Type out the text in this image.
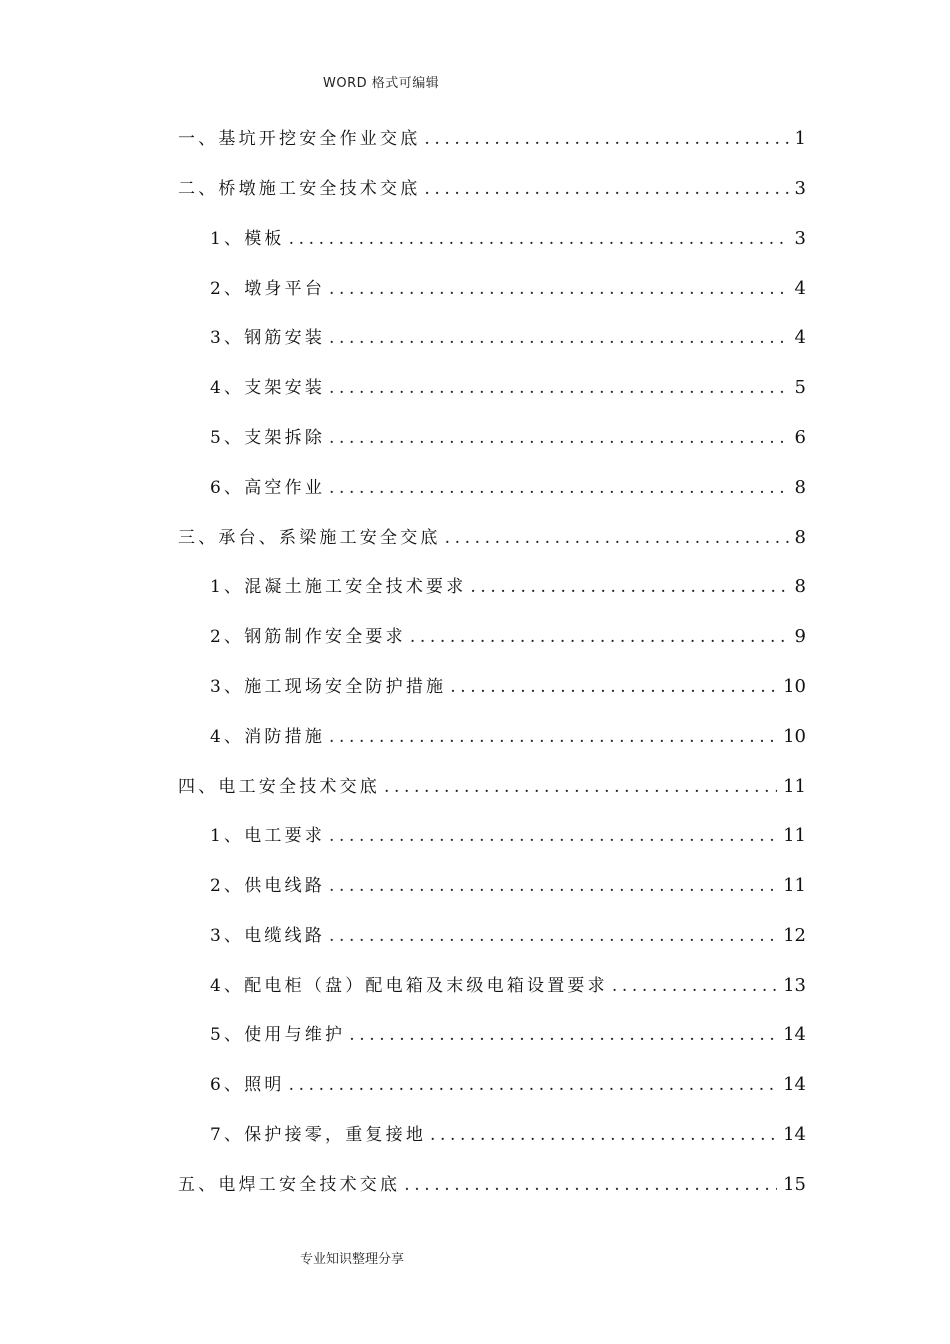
WORD 格式可编辑
一、基坑开挖安全作业交底 .....	1
二、桥墩施工安全技术交底 .....	3
1、模板 .....	3
2、墩身平台 .....	4
3、钢筋安装 .....	4
4、支架安装 .....	5
5、支架拆除 .....	6
6、高空作业 .....	8
三、承台、系梁施工安全交底 .....	8
1、混凝土施工安全技术要求 .....	8
2、钢筋制作安全要求 .....	9
3、施工现场安全防护措施 .....	10
4、消防措施 .....	10
四、电工安全技术交底 .....	11
1、电工要求 .....	11
2、供电线路 .....	11
3、电缆线路 .....	12
4、配电柜（盘）配电箱及末级电箱设置要求 .....	13
5、使用与维护 .....	14
6、照明 .....	14
7、保护接零，重复接地 .....	14
五、电焊工安全技术交底 .....	15
专业知识整理分享
